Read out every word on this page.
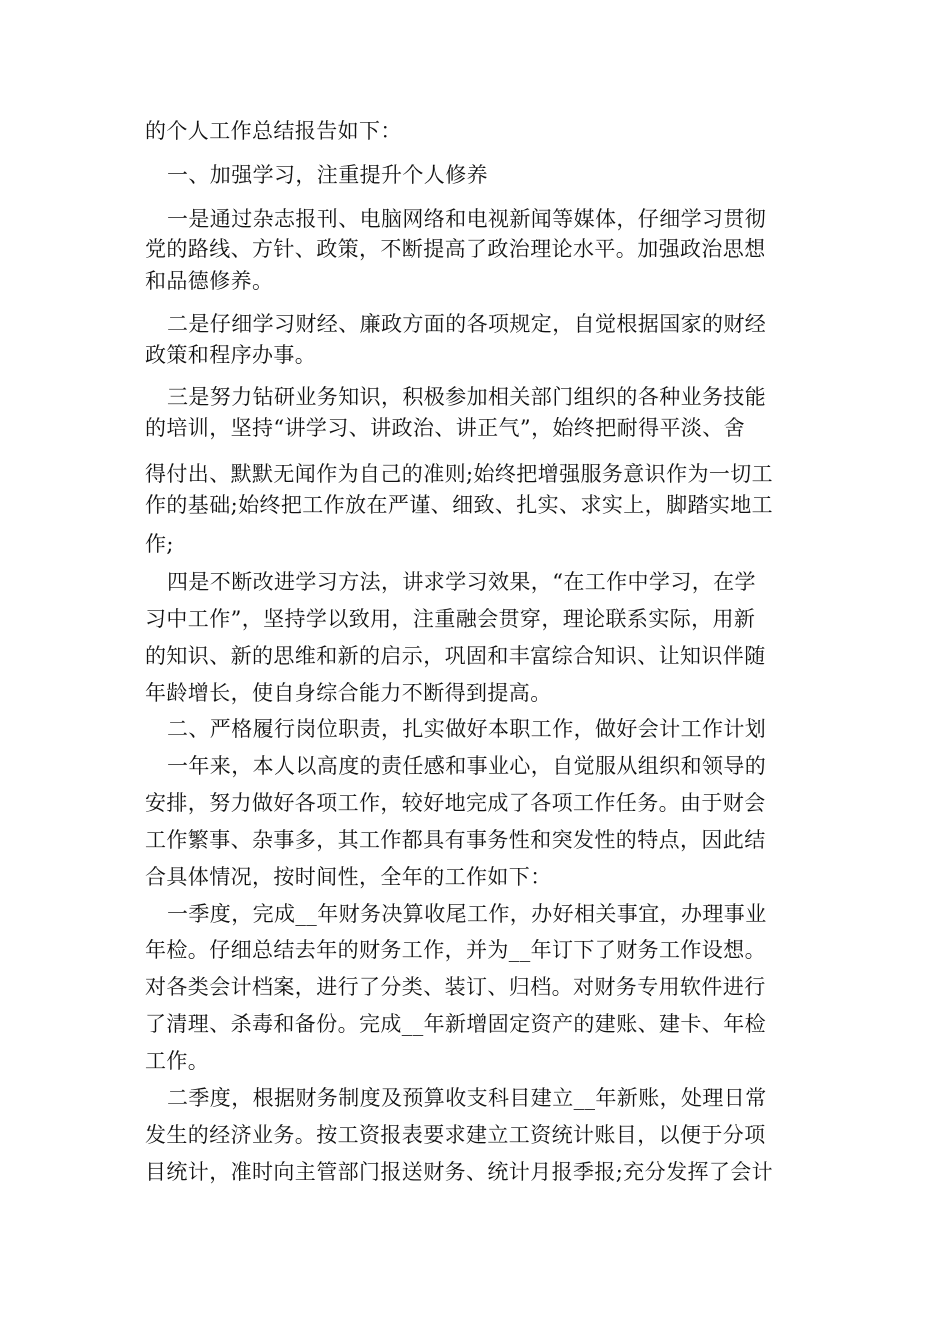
的个人工作总结报告如下：
一、加强学习，注重提升个人修养
一是通过杂志报刊、电脑网络和电视新闻等媒体，仔细学习贯彻
党的路线、方针、政策，不断提高了政治理论水平。加强政治思想
和品德修养。
二是仔细学习财经、廉政方面的各项规定，自觉根据国家的财经
政策和程序办事。
三是努力钻研业务知识，积极参加相关部门组织的各种业务技能
的培训，坚持“讲学习、讲政治、讲正气”，始终把耐得平淡、舍
得付出、默默无闻作为自己的准则;始终把增强服务意识作为一切工
作的基础;始终把工作放在严谨、细致、扎实、求实上，脚踏实地工
作;
四是不断改进学习方法，讲求学习效果，“在工作中学习，在学
习中工作”，坚持学以致用，注重融会贯穿，理论联系实际，用新
的知识、新的思维和新的启示，巩固和丰富综合知识、让知识伴随
年龄增长，使自身综合能力不断得到提高。
二、严格履行岗位职责，扎实做好本职工作，做好会计工作计划
一年来，本人以高度的责任感和事业心，自觉服从组织和领导的
安排，努力做好各项工作，较好地完成了各项工作任务。由于财会
工作繁事、杂事多，其工作都具有事务性和突发性的特点，因此结
合具体情况，按时间性，全年的工作如下：
一季度，完成__年财务决算收尾工作，办好相关事宜，办理事业
年检。仔细总结去年的财务工作，并为__年订下了财务工作设想。
对各类会计档案，进行了分类、装订、归档。对财务专用软件进行
了清理、杀毒和备份。完成__年新增固定资产的建账、建卡、年检
工作。
二季度，根据财务制度及预算收支科目建立__年新账，处理日常
发生的经济业务。按工资报表要求建立工资统计账目，以便于分项
目统计，准时向主管部门报送财务、统计月报季报;充分发挥了会计
